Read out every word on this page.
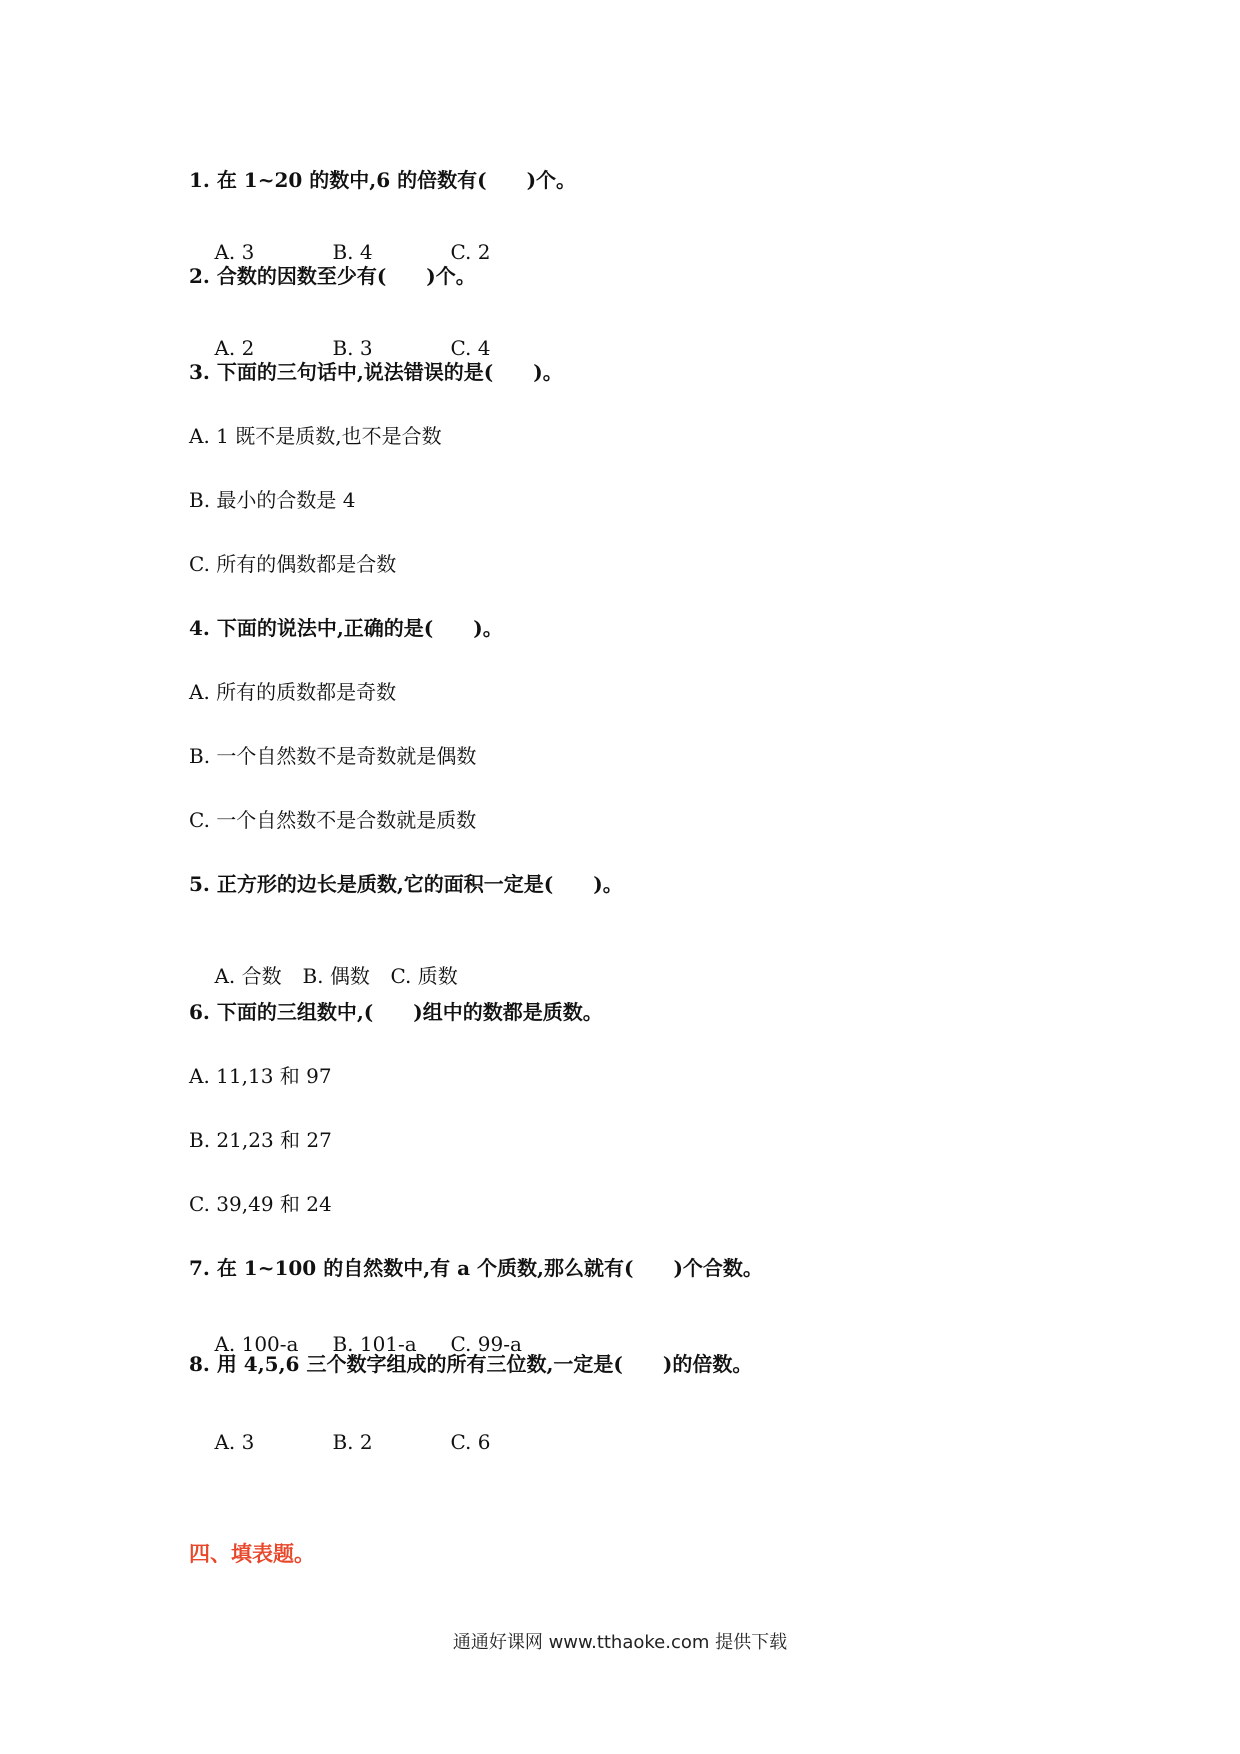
1. 在 1~20 的数中,6 的倍数有(　　)个。

A. 3	B. 4	C. 2

2. 合数的因数至少有(　　)个。

A. 2	B. 3	C. 4

3. 下面的三句话中,说法错误的是(　　)。
A. 1 既不是质数,也不是合数
B. 最小的合数是 4
C. 所有的偶数都是合数
4. 下面的说法中,正确的是(　　)。
A. 所有的质数都是奇数
B. 一个自然数不是奇数就是偶数
C. 一个自然数不是合数就是质数
5. 正方形的边长是质数,它的面积一定是(　　)。

A. 合数 B. 偶数 C. 质数

6. 下面的三组数中,(　　)组中的数都是质数。
A. 11,13 和 97
B. 21,23 和 27
C. 39,49 和 24
7. 在 1~100 的自然数中,有 a 个质数,那么就有(　　)个合数。

A. 100-a B. 101-a C. 99-a

8. 用 4,5,6 三个数字组成的所有三位数,一定是(　　)的倍数。

A. 3	B. 2	C. 6

四、填表题。
通通好课网 www.tthaoke.com 提供下载
